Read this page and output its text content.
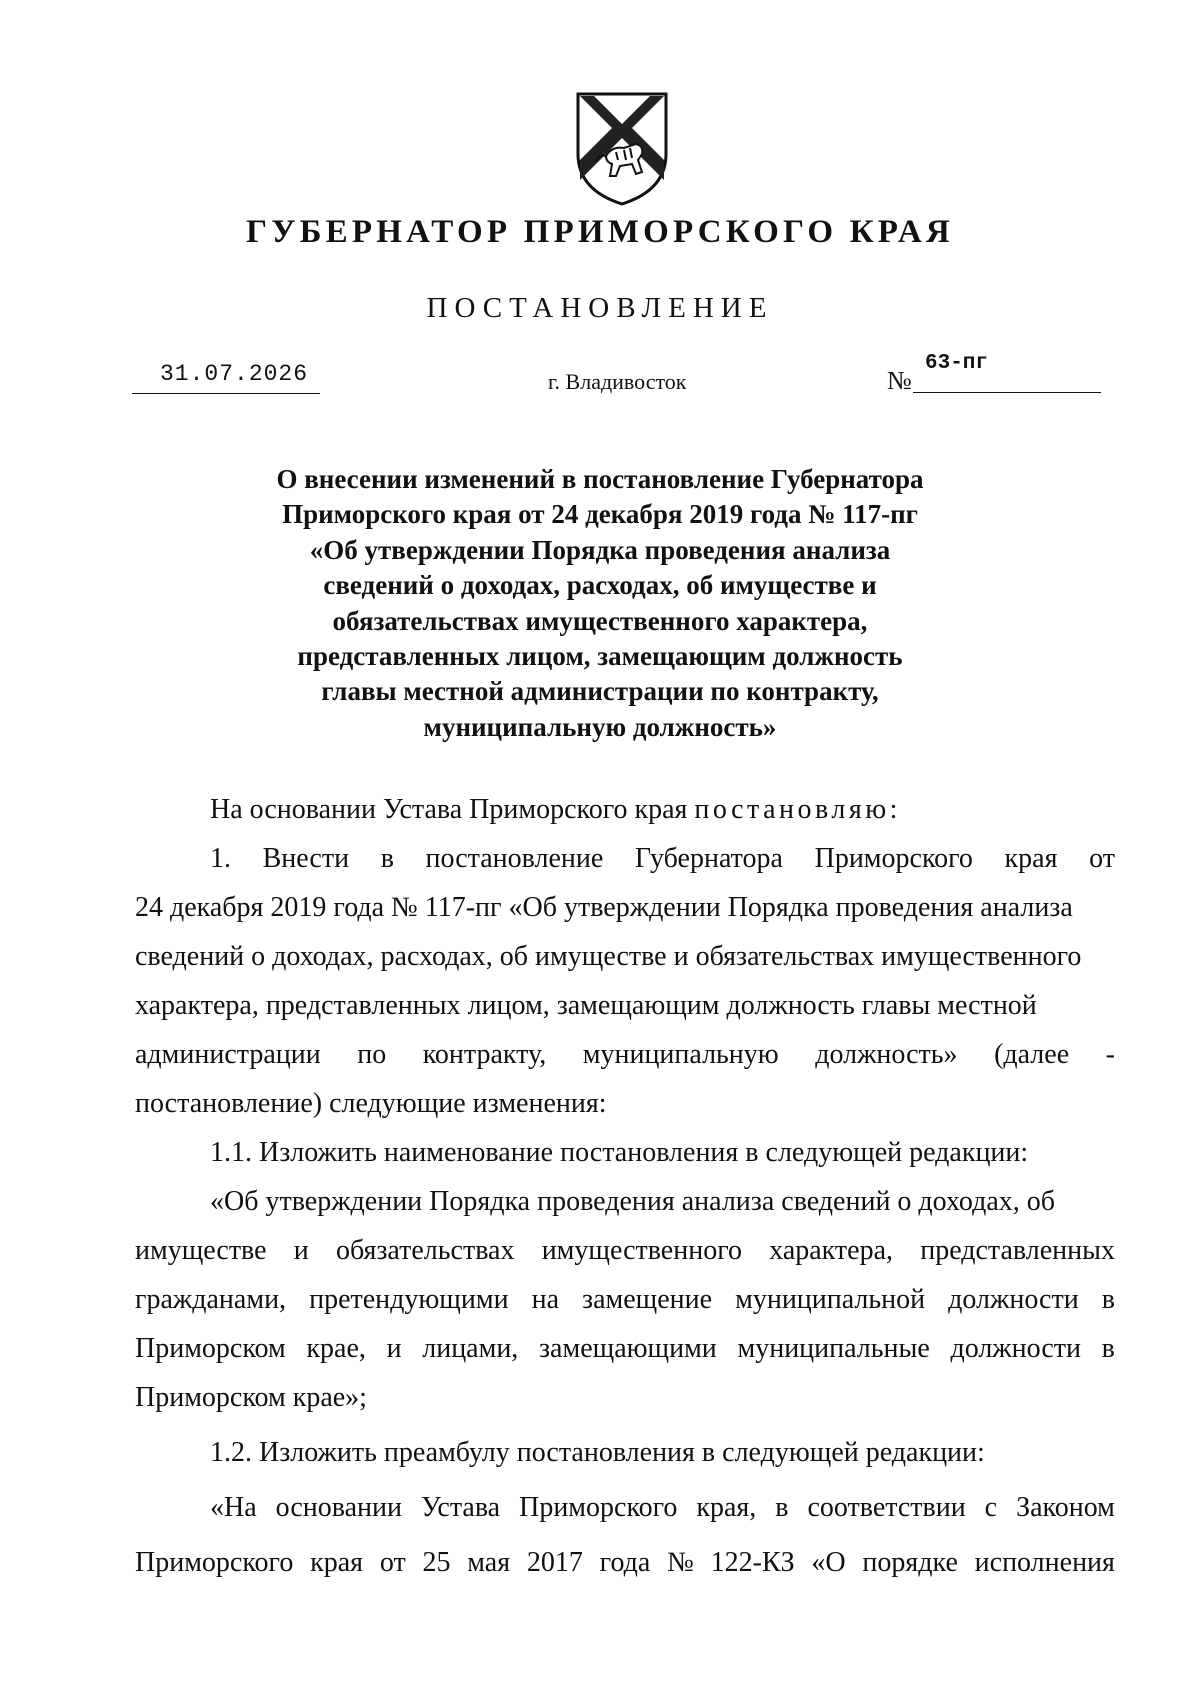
ГУБЕРНАТОР ПРИМОРСКОГО КРАЯ
ПОСТАНОВЛЕНИЕ
31.07.2026	г. Владивосток	№
63-пг
О внесении изменений в постановление Губернатора
Приморского края от 24 декабря 2019 года № 117-пг
«Об утверждении Порядка проведения анализа
сведений о доходах, расходах, об имуществе и
обязательствах имущественного характера,
представленных лицом, замещающим должность
главы местной администрации по контракту,
муниципальную должность»
На основании Устава Приморского края постановляю:
1. Внести в постановление Губернатора Приморского края от
24 декабря 2019 года № 117-пг «Об утверждении Порядка проведения анализа
сведений о доходах, расходах, об имуществе и обязательствах имущественного
характера, представленных лицом, замещающим должность главы местной
администрации по контракту, муниципальную должность» (далее -
постановление) следующие изменения:
1.1. Изложить наименование постановления в следующей редакции:
«Об утверждении Порядка проведения анализа сведений о доходах, об
имуществе и обязательствах имущественного характера, представленных
гражданами, претендующими на замещение муниципальной должности в
Приморском крае, и лицами, замещающими муниципальные должности в
Приморском крае»;
1.2. Изложить преамбулу постановления в следующей редакции:
«На основании Устава Приморского края, в соответствии с Законом
Приморского края от 25 мая 2017 года № 122-КЗ «О порядке исполнения
